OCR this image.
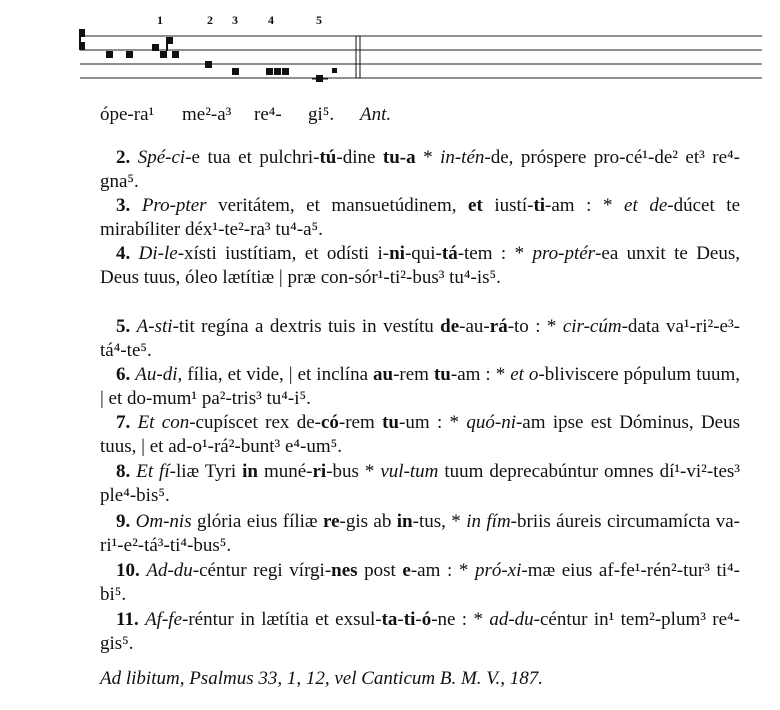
1	2 3	4	5
ópe-ra¹ me²-a³ re⁴- gi⁵. Ant.
2. Spé-ci-e tua et pulchri-tú-dine tu-a * in-tén-de, próspere pro-cé¹-de² et³ re⁴-gna⁵.
3. Pro-pter veritátem, et mansuetúdinem, et iustí-ti-am : * et de-dúcet te mirabíliter déx¹-te²-ra³ tu⁴-a⁵.
4. Di-le-xísti iustítiam, et odísti i-ni-qui-tá-tem : * pro-ptér-ea unxit te Deus, Deus tuus, óleo lætítiæ | præ con-sór¹-ti²-bus³ tu⁴-is⁵.
5. A-sti-tit regína a dextris tuis in vestítu de-au-rá-to : * cir-cúm-data va¹-ri²-e³-tá⁴-te⁵.
6. Au-di, fília, et vide, | et inclína au-rem tu-am : * et o-bliviscere pópulum tuum, | et do-mum¹ pa²-tris³ tu⁴-i⁵.
7. Et con-cupíscet rex de-có-rem tu-um : * quó-ni-am ipse est Dóminus, Deus tuus, | et ad-o¹-rá²-bunt³ e⁴-um⁵.
8. Et fí-liæ Tyri in muné-ri-bus * vul-tum tuum deprecabúntur omnes dí¹-vi²-tes³ ple⁴-bis⁵.
9. Om-nis glória eius fíliæ re-gis ab in-tus, * in fím-briis áureis circumamícta va-ri¹-e²-tá³-ti⁴-bus⁵.
10. Ad-du-céntur regi vírgi-nes post e-am : * pró-xi-mæ eius af-fe¹-rén²-tur³ ti⁴-bi⁵.
11. Af-fe-réntur in lætítia et exsul-ta-ti-ó-ne : * ad-du-céntur in¹ tem²-plum³ re⁴-gis⁵.
Ad libitum, Psalmus 33, 1, 12, vel Canticum B. M. V., 187.
